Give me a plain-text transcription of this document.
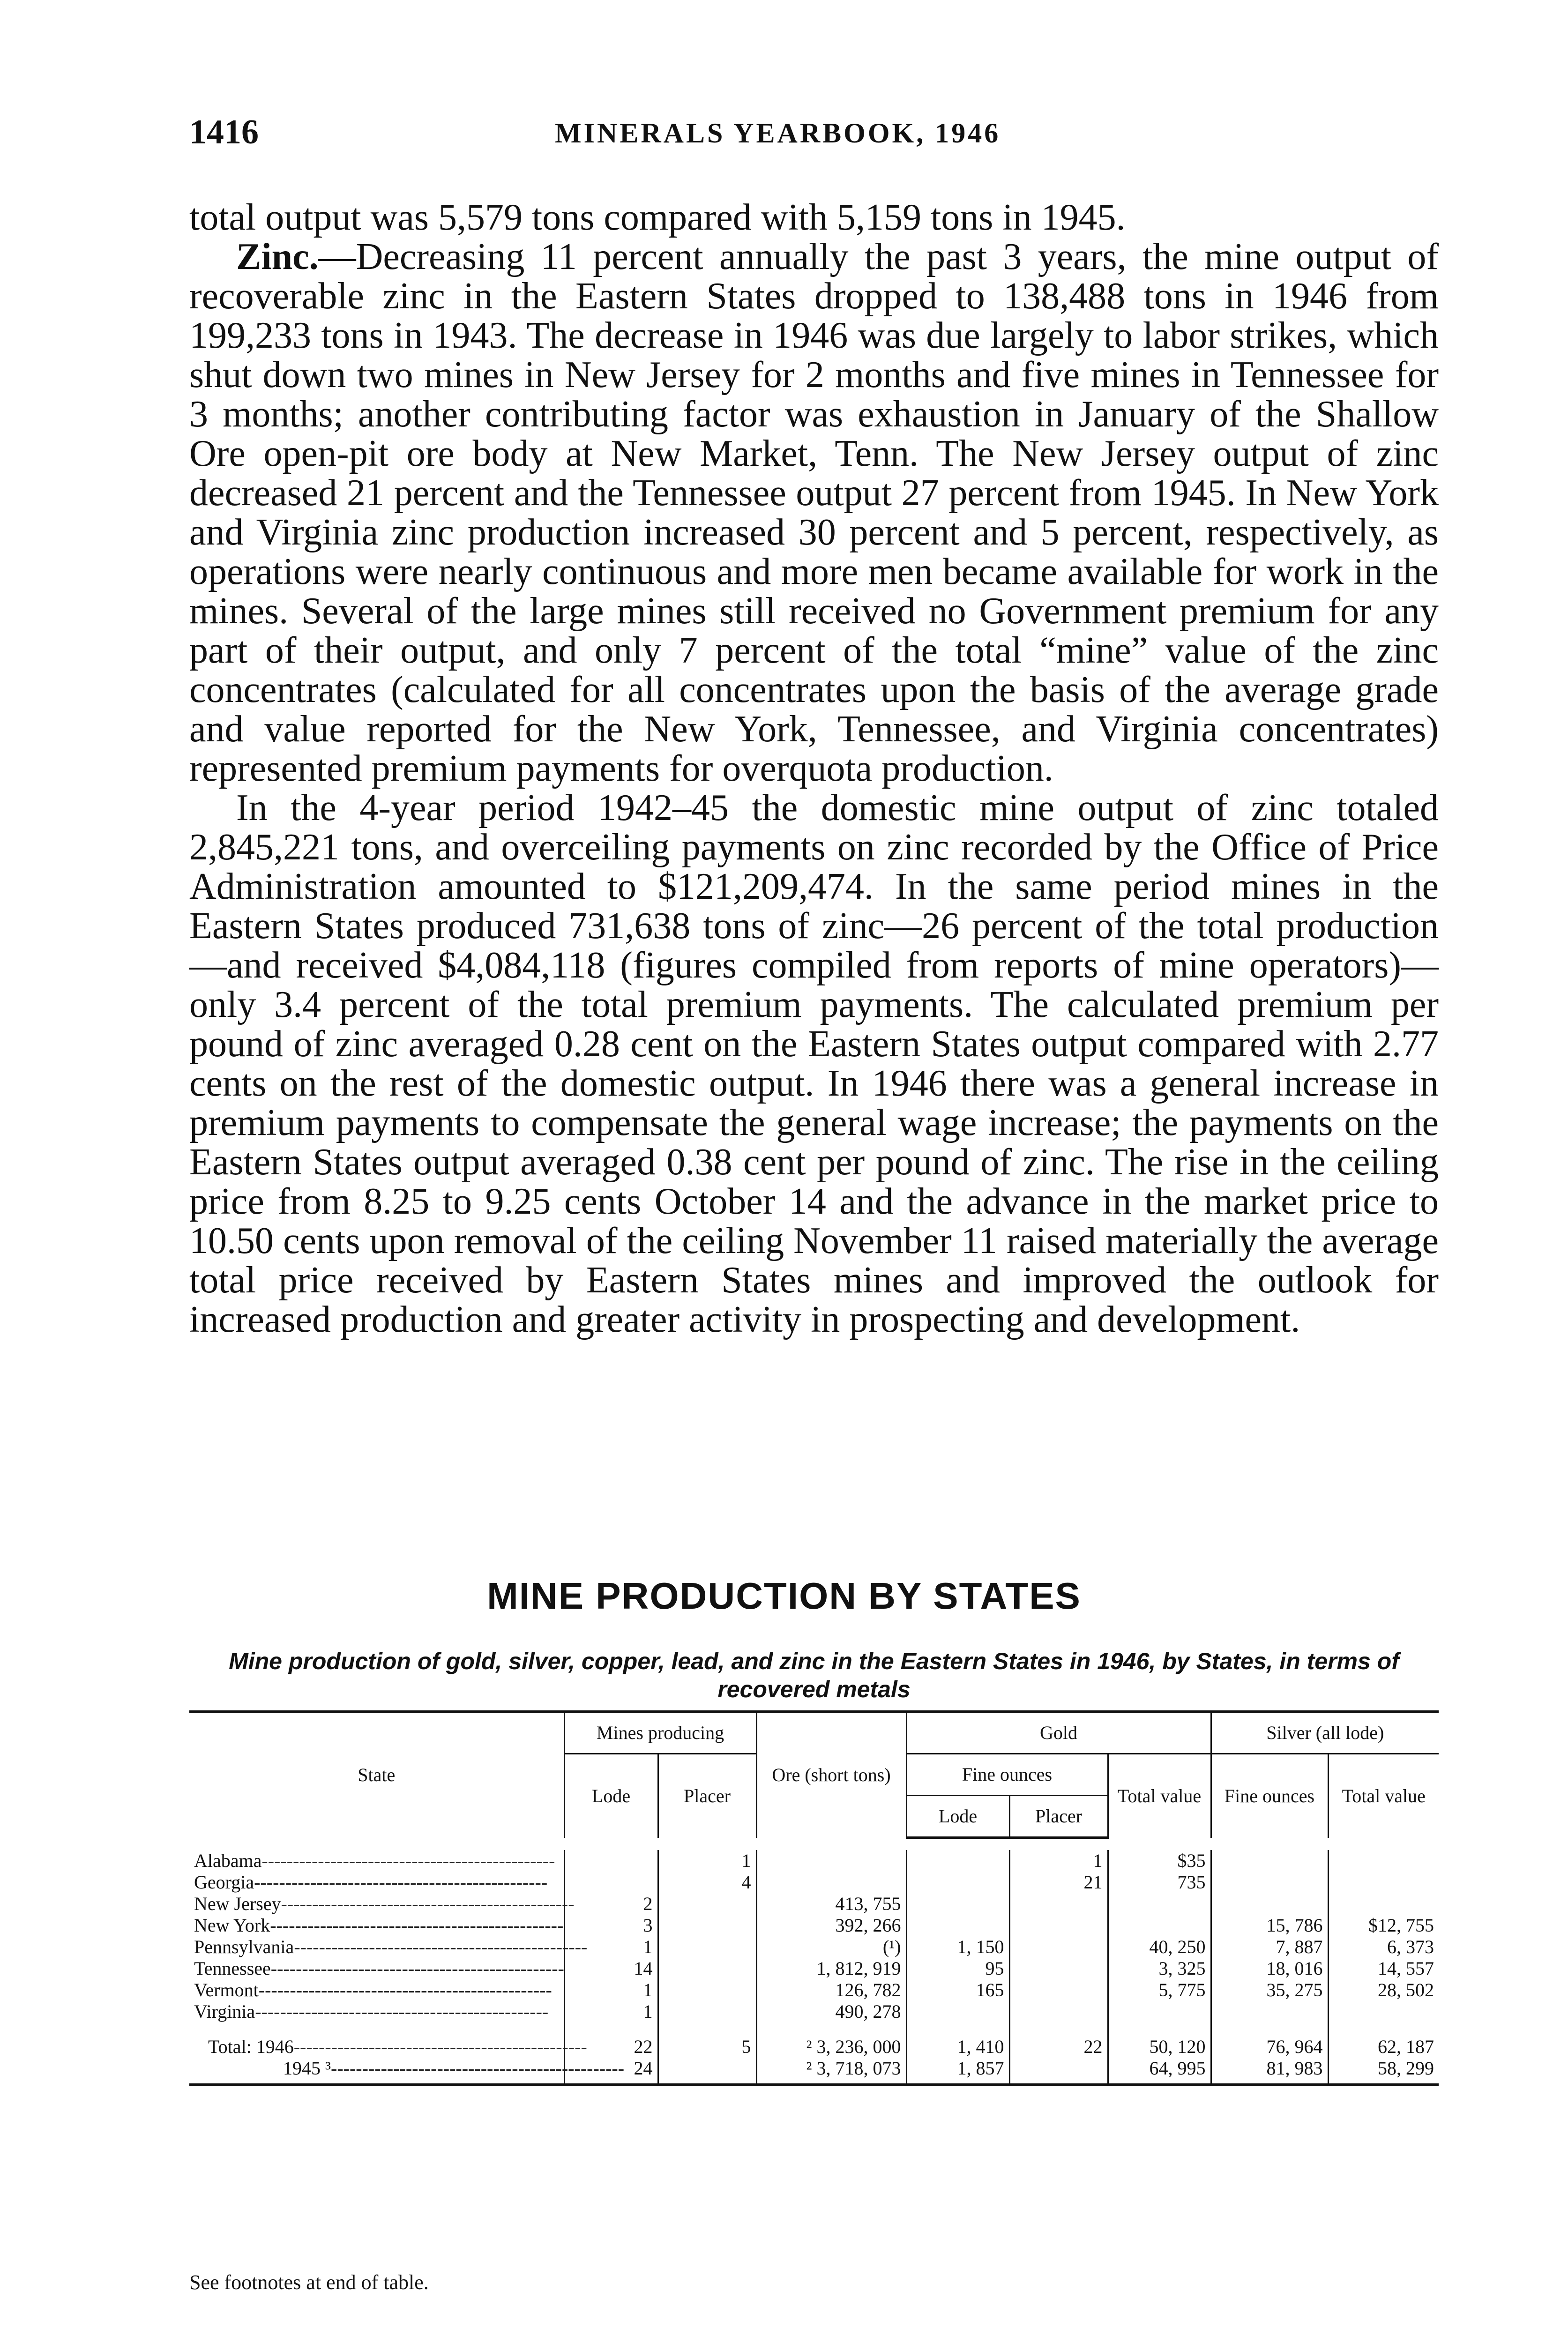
1416	MINERALS YEARBOOK, 1946

total output was 5,579 tons compared with 5,159 tons in 1945.

Zinc.—Decreasing 11 percent annually the past 3 years, the mine output of recoverable zinc in the Eastern States dropped to 138,488 tons in 1946 from 199,233 tons in 1943. The decrease in 1946 was due largely to labor strikes, which shut down two mines in New Jersey for 2 months and five mines in Tennessee for 3 months; another contributing factor was exhaustion in January of the Shallow Ore open-pit ore body at New Market, Tenn. The New Jersey output of zinc decreased 21 percent and the Tennessee output 27 percent from 1945. In New York and Virginia zinc production increased 30 percent and 5 percent, respectively, as operations were nearly continuous and more men became available for work in the mines. Several of the large mines still received no Government premium for any part of their output, and only 7 percent of the total “mine” value of the zinc concentrates (calculated for all concentrates upon the basis of the average grade and value reported for the New York, Tennessee, and Virginia concentrates) represented premium payments for overquota production.

In the 4-year period 1942–45 the domestic mine output of zinc totaled 2,845,221 tons, and overceiling payments on zinc recorded by the Office of Price Administration amounted to $121,209,474. In the same period mines in the Eastern States produced 731,638 tons of zinc—26 percent of the total production—and received $4,084,118 (figures compiled from reports of mine operators)—only 3.4 percent of the total premium payments. The calculated premium per pound of zinc averaged 0.28 cent on the Eastern States output compared with 2.77 cents on the rest of the domestic output. In 1946 there was a general increase in premium payments to compensate the general wage increase; the payments on the Eastern States output averaged 0.38 cent per pound of zinc. The rise in the ceiling price from 8.25 to 9.25 cents October 14 and the advance in the market price to 10.50 cents upon removal of the ceiling November 11 raised materially the average total price received by Eastern States mines and improved the outlook for increased production and greater activity in prospecting and development.

MINE PRODUCTION BY STATES
Mine production of gold, silver, copper, lead, and zinc in the Eastern States in 1946, by States, in terms of recovered metals
State	Mines producing		Ore (short tons)	Gold			Silver (all lode)	
	Lode	Placer		Fine ounces		Total value	Fine ounces	Total value
				Lode	Placer			

Alabama-----------------------------------------------		1			1	$35		
Georgia-----------------------------------------------		4			21	735		
New Jersey-----------------------------------------------	2		413, 755					
New York-----------------------------------------------	3		392, 266				15, 786	$12, 755
Pennsylvania-----------------------------------------------	1		(¹)	1, 150		40, 250	7, 887	6, 373
Tennessee-----------------------------------------------	14		1, 812, 919	95		3, 325	18, 016	14, 557
Vermont-----------------------------------------------	1		126, 782	165		5, 775	35, 275	28, 502
Virginia-----------------------------------------------	1		490, 278					
Total: 1946-----------------------------------------------	22	5	² 3, 236, 000	1, 410	22	50, 120	76, 964	62, 187
1945 ³-----------------------------------------------	24		² 3, 718, 073	1, 857		64, 995	81, 983	58, 299
See footnotes at end of table.
